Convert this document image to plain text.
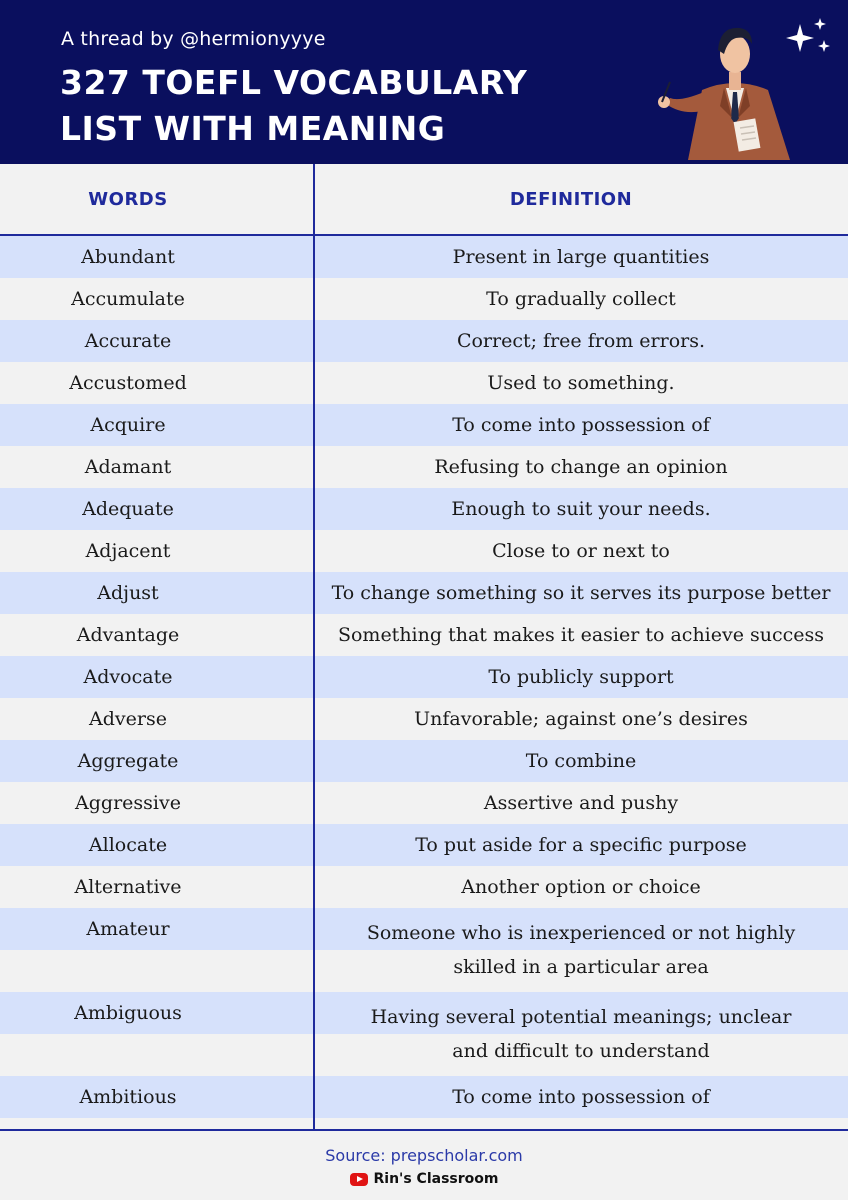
A thread by @hermionyyye
327 TOEFL VOCABULARY
LIST WITH MEANING
WORDS	DEFINITION
Abundant	Present in large quantities
Accumulate	To gradually collect
Accurate	Correct; free from errors.
Accustomed	Used to something.
Acquire	To come into possession of
Adamant	Refusing to change an opinion
Adequate	Enough to suit your needs.
Adjacent	Close to or next to
Adjust	To change something so it serves its purpose better
Advantage	Something that makes it easier to achieve success
Advocate	To publicly support
Adverse	Unfavorable; against one’s desires
Aggregate	To combine
Aggressive	Assertive and pushy
Allocate	To put aside for a specific purpose
Alternative	Another option or choice
Amateur	Someone who is inexperienced or not highly skilled in a particular area
Ambiguous	Having several potential meanings; unclear and difficult to understand
Ambitious	To come into possession of
Source: prepscholar.com
Rin's Classroom
